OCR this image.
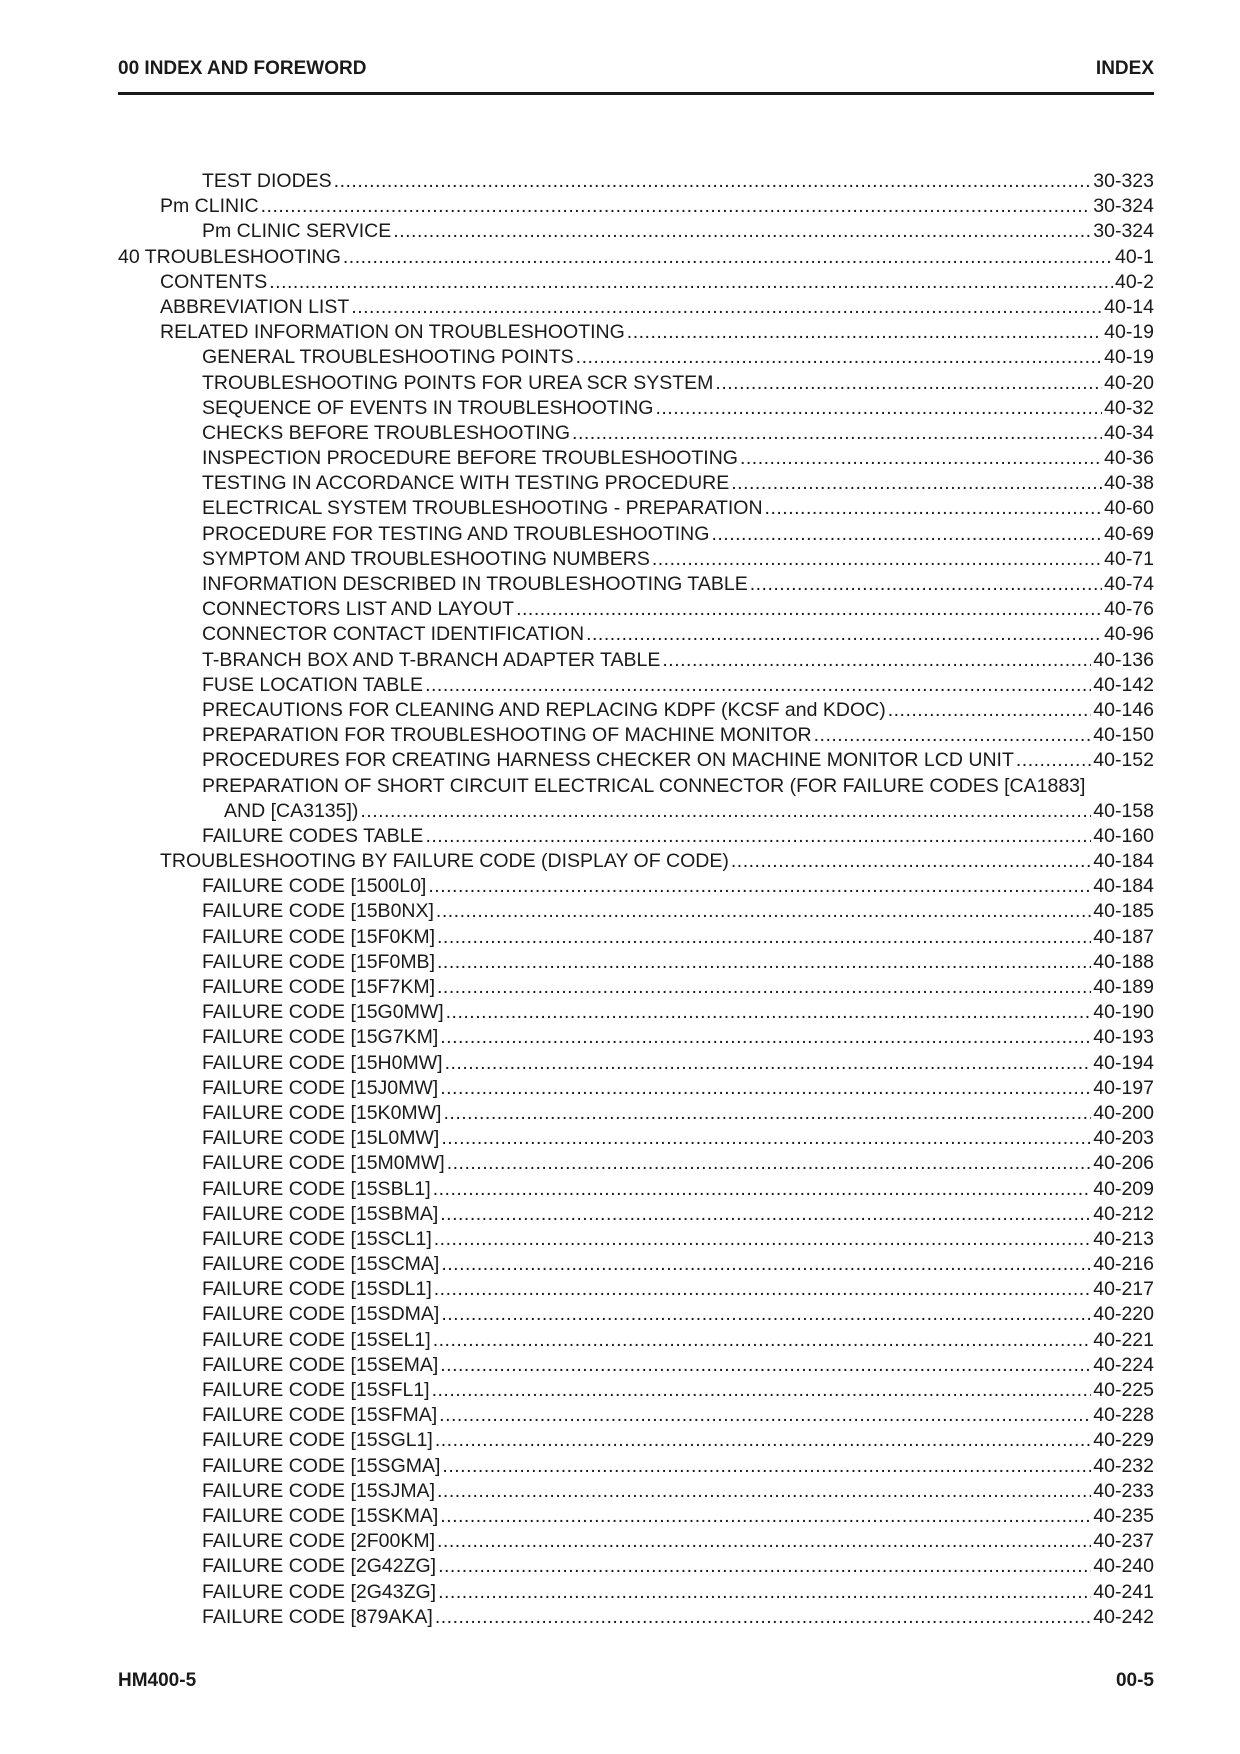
00 INDEX AND FOREWORD	INDEX
TEST DIODES .....	30-323
Pm CLINIC .....	30-324
Pm CLINIC SERVICE .....	30-324
40 TROUBLESHOOTING .....	40-1
CONTENTS .....	40-2
ABBREVIATION LIST .....	40-14
RELATED INFORMATION ON TROUBLESHOOTING .....	40-19
GENERAL TROUBLESHOOTING POINTS .....	40-19
TROUBLESHOOTING POINTS FOR UREA SCR SYSTEM .....	40-20
SEQUENCE OF EVENTS IN TROUBLESHOOTING .....	40-32
CHECKS BEFORE TROUBLESHOOTING .....	40-34
INSPECTION PROCEDURE BEFORE TROUBLESHOOTING .....	40-36
TESTING IN ACCORDANCE WITH TESTING PROCEDURE .....	40-38
ELECTRICAL SYSTEM TROUBLESHOOTING - PREPARATION .....	40-60
PROCEDURE FOR TESTING AND TROUBLESHOOTING .....	40-69
SYMPTOM AND TROUBLESHOOTING NUMBERS .....	40-71
INFORMATION DESCRIBED IN TROUBLESHOOTING TABLE .....	40-74
CONNECTORS LIST AND LAYOUT .....	40-76
CONNECTOR CONTACT IDENTIFICATION .....	40-96
T-BRANCH BOX AND T-BRANCH ADAPTER TABLE .....	40-136
FUSE LOCATION TABLE .....	40-142
PRECAUTIONS FOR CLEANING AND REPLACING KDPF (KCSF and KDOC) .....	40-146
PREPARATION FOR TROUBLESHOOTING OF MACHINE MONITOR .....	40-150
PROCEDURES FOR CREATING HARNESS CHECKER ON MACHINE MONITOR LCD UNIT .....	40-152
PREPARATION OF SHORT CIRCUIT ELECTRICAL CONNECTOR (FOR FAILURE CODES [CA1883]
AND [CA3135]) .....	40-158
FAILURE CODES TABLE .....	40-160
TROUBLESHOOTING BY FAILURE CODE (DISPLAY OF CODE) .....	40-184
FAILURE CODE [1500L0] .....	40-184
FAILURE CODE [15B0NX] .....	40-185
FAILURE CODE [15F0KM] .....	40-187
FAILURE CODE [15F0MB] .....	40-188
FAILURE CODE [15F7KM] .....	40-189
FAILURE CODE [15G0MW] .....	40-190
FAILURE CODE [15G7KM] .....	40-193
FAILURE CODE [15H0MW] .....	40-194
FAILURE CODE [15J0MW] .....	40-197
FAILURE CODE [15K0MW] .....	40-200
FAILURE CODE [15L0MW] .....	40-203
FAILURE CODE [15M0MW] .....	40-206
FAILURE CODE [15SBL1] .....	40-209
FAILURE CODE [15SBMA] .....	40-212
FAILURE CODE [15SCL1] .....	40-213
FAILURE CODE [15SCMA] .....	40-216
FAILURE CODE [15SDL1] .....	40-217
FAILURE CODE [15SDMA] .....	40-220
FAILURE CODE [15SEL1] .....	40-221
FAILURE CODE [15SEMA] .....	40-224
FAILURE CODE [15SFL1] .....	40-225
FAILURE CODE [15SFMA] .....	40-228
FAILURE CODE [15SGL1] .....	40-229
FAILURE CODE [15SGMA] .....	40-232
FAILURE CODE [15SJMA] .....	40-233
FAILURE CODE [15SKMA] .....	40-235
FAILURE CODE [2F00KM] .....	40-237
FAILURE CODE [2G42ZG] .....	40-240
FAILURE CODE [2G43ZG] .....	40-241
FAILURE CODE [879AKA] .....	40-242
HM400-5	00-5
